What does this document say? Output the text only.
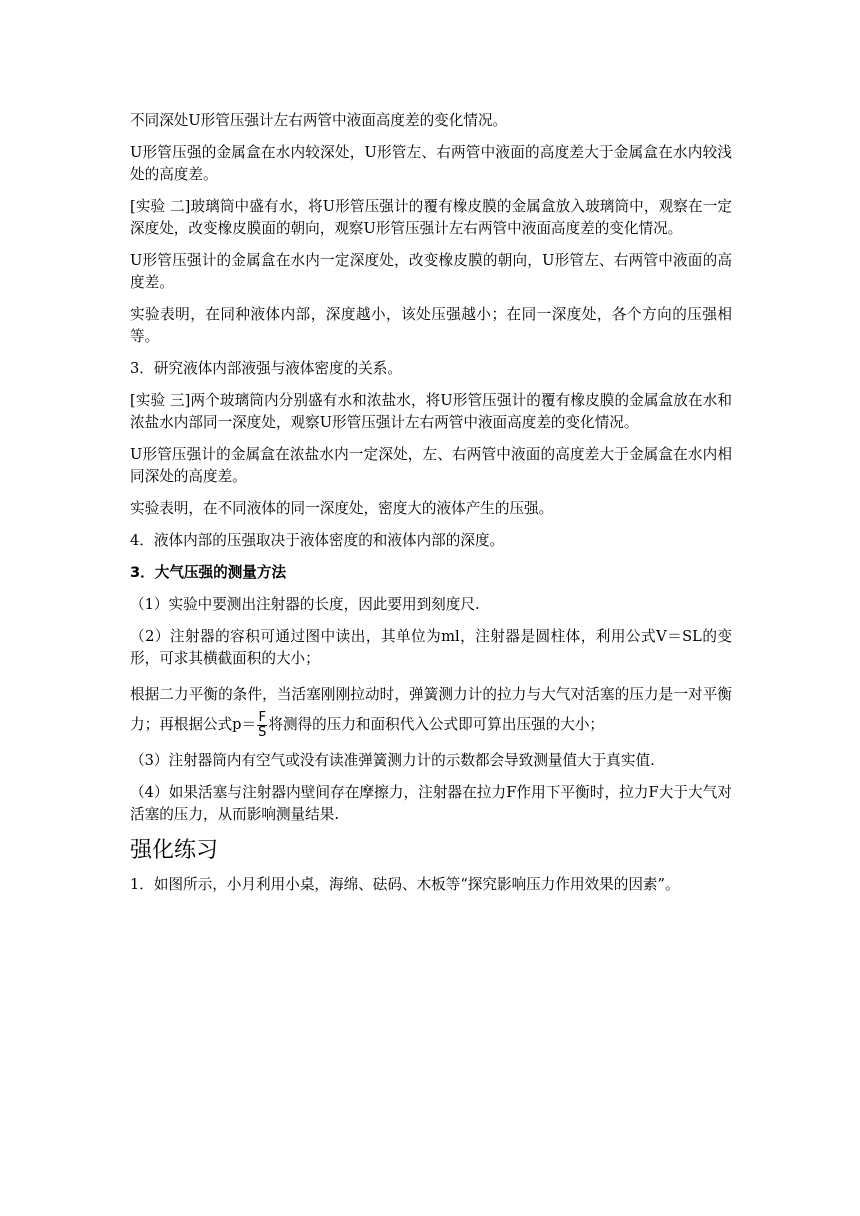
不同深处U形管压强计左右两管中液面高度差的变化情况。

U形管压强的金属盒在水内较深处，U形管左、右两管中液面的高度差大于金属盒在水内较浅处的高度差。

[实验 二]玻璃筒中盛有水，将U形管压强计的覆有橡皮膜的金属盒放入玻璃筒中，观察在一定深度处，改变橡皮膜面的朝向，观察U形管压强计左右两管中液面高度差的变化情况。

U形管压强计的金属盒在水内一定深度处，改变橡皮膜的朝向，U形管左、右两管中液面的高度差。

实验表明，在同种液体内部，深度越小，该处压强越小；在同一深度处，各个方向的压强相等。

3．研究液体内部液强与液体密度的关系。

[实验 三]两个玻璃筒内分别盛有水和浓盐水，将U形管压强计的覆有橡皮膜的金属盒放在水和浓盐水内部同一深度处，观察U形管压强计左右两管中液面高度差的变化情况。

U形管压强计的金属盒在浓盐水内一定深处，左、右两管中液面的高度差大于金属盒在水内相同深处的高度差。

实验表明，在不同液体的同一深度处，密度大的液体产生的压强。

4．液体内部的压强取决于液体密度的和液体内部的深度。

3．大气压强的测量方法

（1）实验中要测出注射器的长度，因此要用到刻度尺.

（2）注射器的容积可通过图中读出，其单位为ml，注射器是圆柱体，利用公式V＝SL的变形，可求其横截面积的大小；

根据二力平衡的条件，当活塞刚刚拉动时，弹簧测力计的拉力与大气对活塞的压力是一对平衡力；再根据公式$p= \frac{F}{S}$ 将测得的压力和面积代入公式即可算出压强的大小；

（3）注射器筒内有空气或没有读准弹簧测力计的示数都会导致测量值大于真实值.

（4）如果活塞与注射器内壁间存在摩擦力，注射器在拉力F作用下平衡时，拉力F大于大气对活塞的压力，从而影响测量结果.

强化练习

1．如图所示，小月利用小桌，海绵、砝码、木板等“探究影响压力作用效果的因素”。
